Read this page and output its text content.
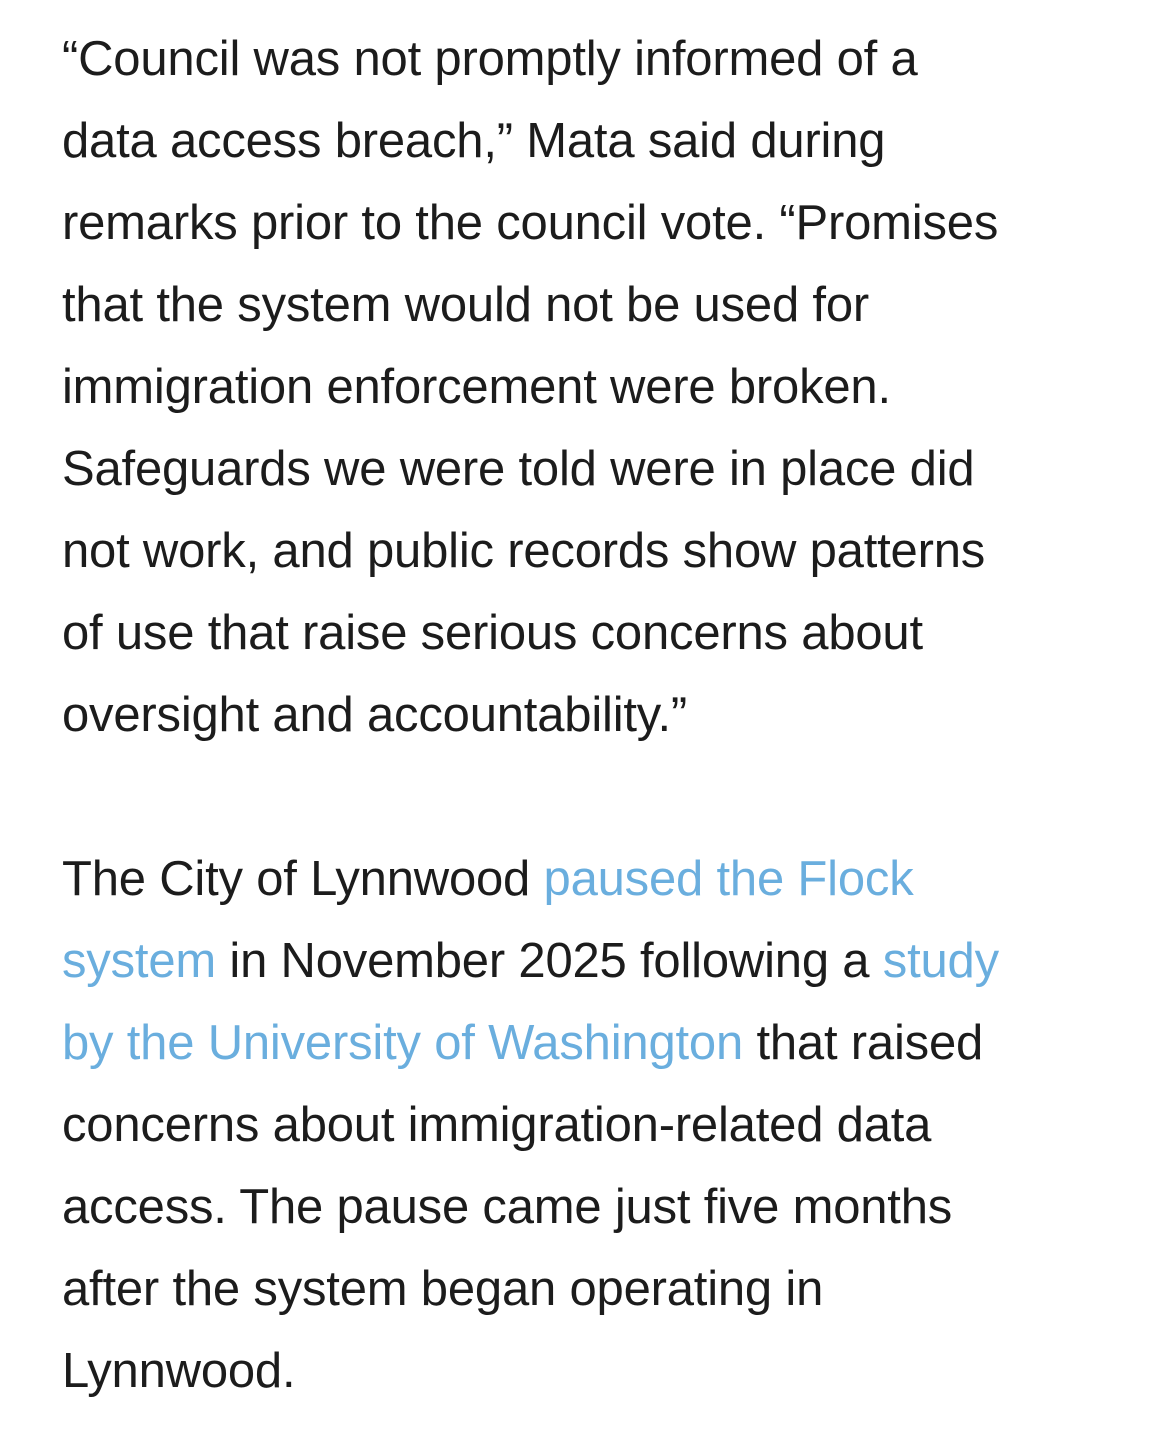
“Council was not promptly informed of a
data access breach,” Mata said during
remarks prior to the council vote. “Promises
that the system would not be used for
immigration enforcement were broken.
Safeguards we were told were in place did
not work, and public records show patterns
of use that raise serious concerns about
oversight and accountability.”

The City of Lynnwood paused the Flock
system in November 2025 following a study
by the University of Washington that raised
concerns about immigration-related data
access. The pause came just five months
after the system began operating in
Lynnwood.
